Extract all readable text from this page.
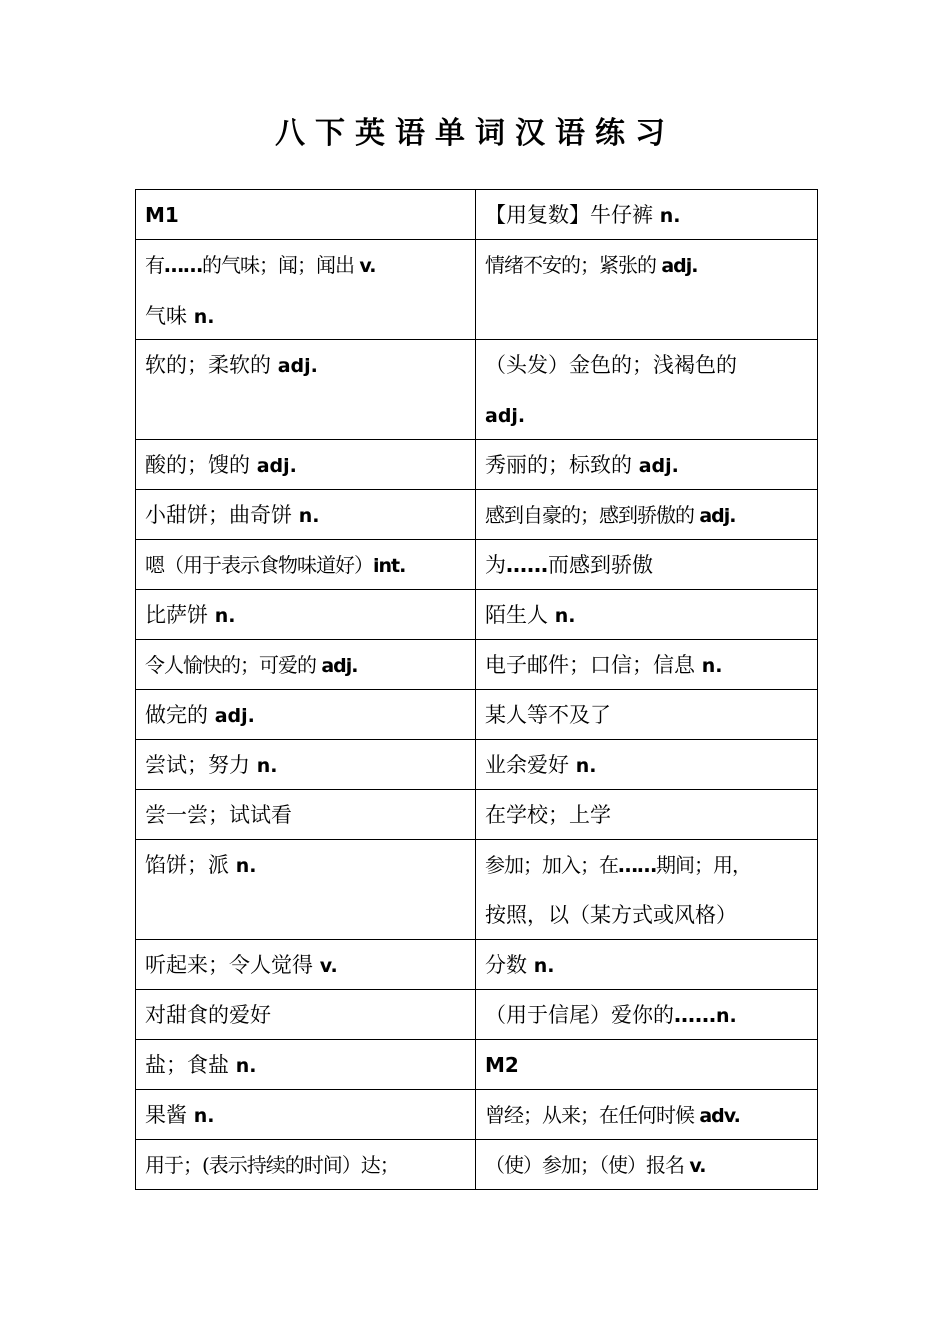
八下英语单词汉语练习
M1	【用复数】牛仔裤 n.

有……的气味；闻；闻出 v.
气味 n.	情绪不安的；紧张的 adj.

软的；柔软的 adj.	（头发）金色的；浅褐色的
adj.

酸的；馊的 adj.	秀丽的；标致的 adj.

小甜饼；曲奇饼 n.	感到自豪的；感到骄傲的 adj.

嗯（用于表示食物味道好）int.	为……而感到骄傲

比萨饼 n.	陌生人 n.

令人愉快的；可爱的 adj.	电子邮件；口信；信息 n.

做完的 adj.	某人等不及了

尝试；努力 n.	业余爱好 n.

尝一尝；试试看	在学校；上学

馅饼；派 n.	参加；加入；在……期间；用，
按照，以（某方式或风格）

听起来；令人觉得 v.	分数 n.

对甜食的爱好	（用于信尾）爱你的……n.

盐；食盐 n.	M2

果酱 n.	曾经；从来；在任何时候 adv.

用于；(表示持续的时间）达；	（使）参加；（使）报名 v.
